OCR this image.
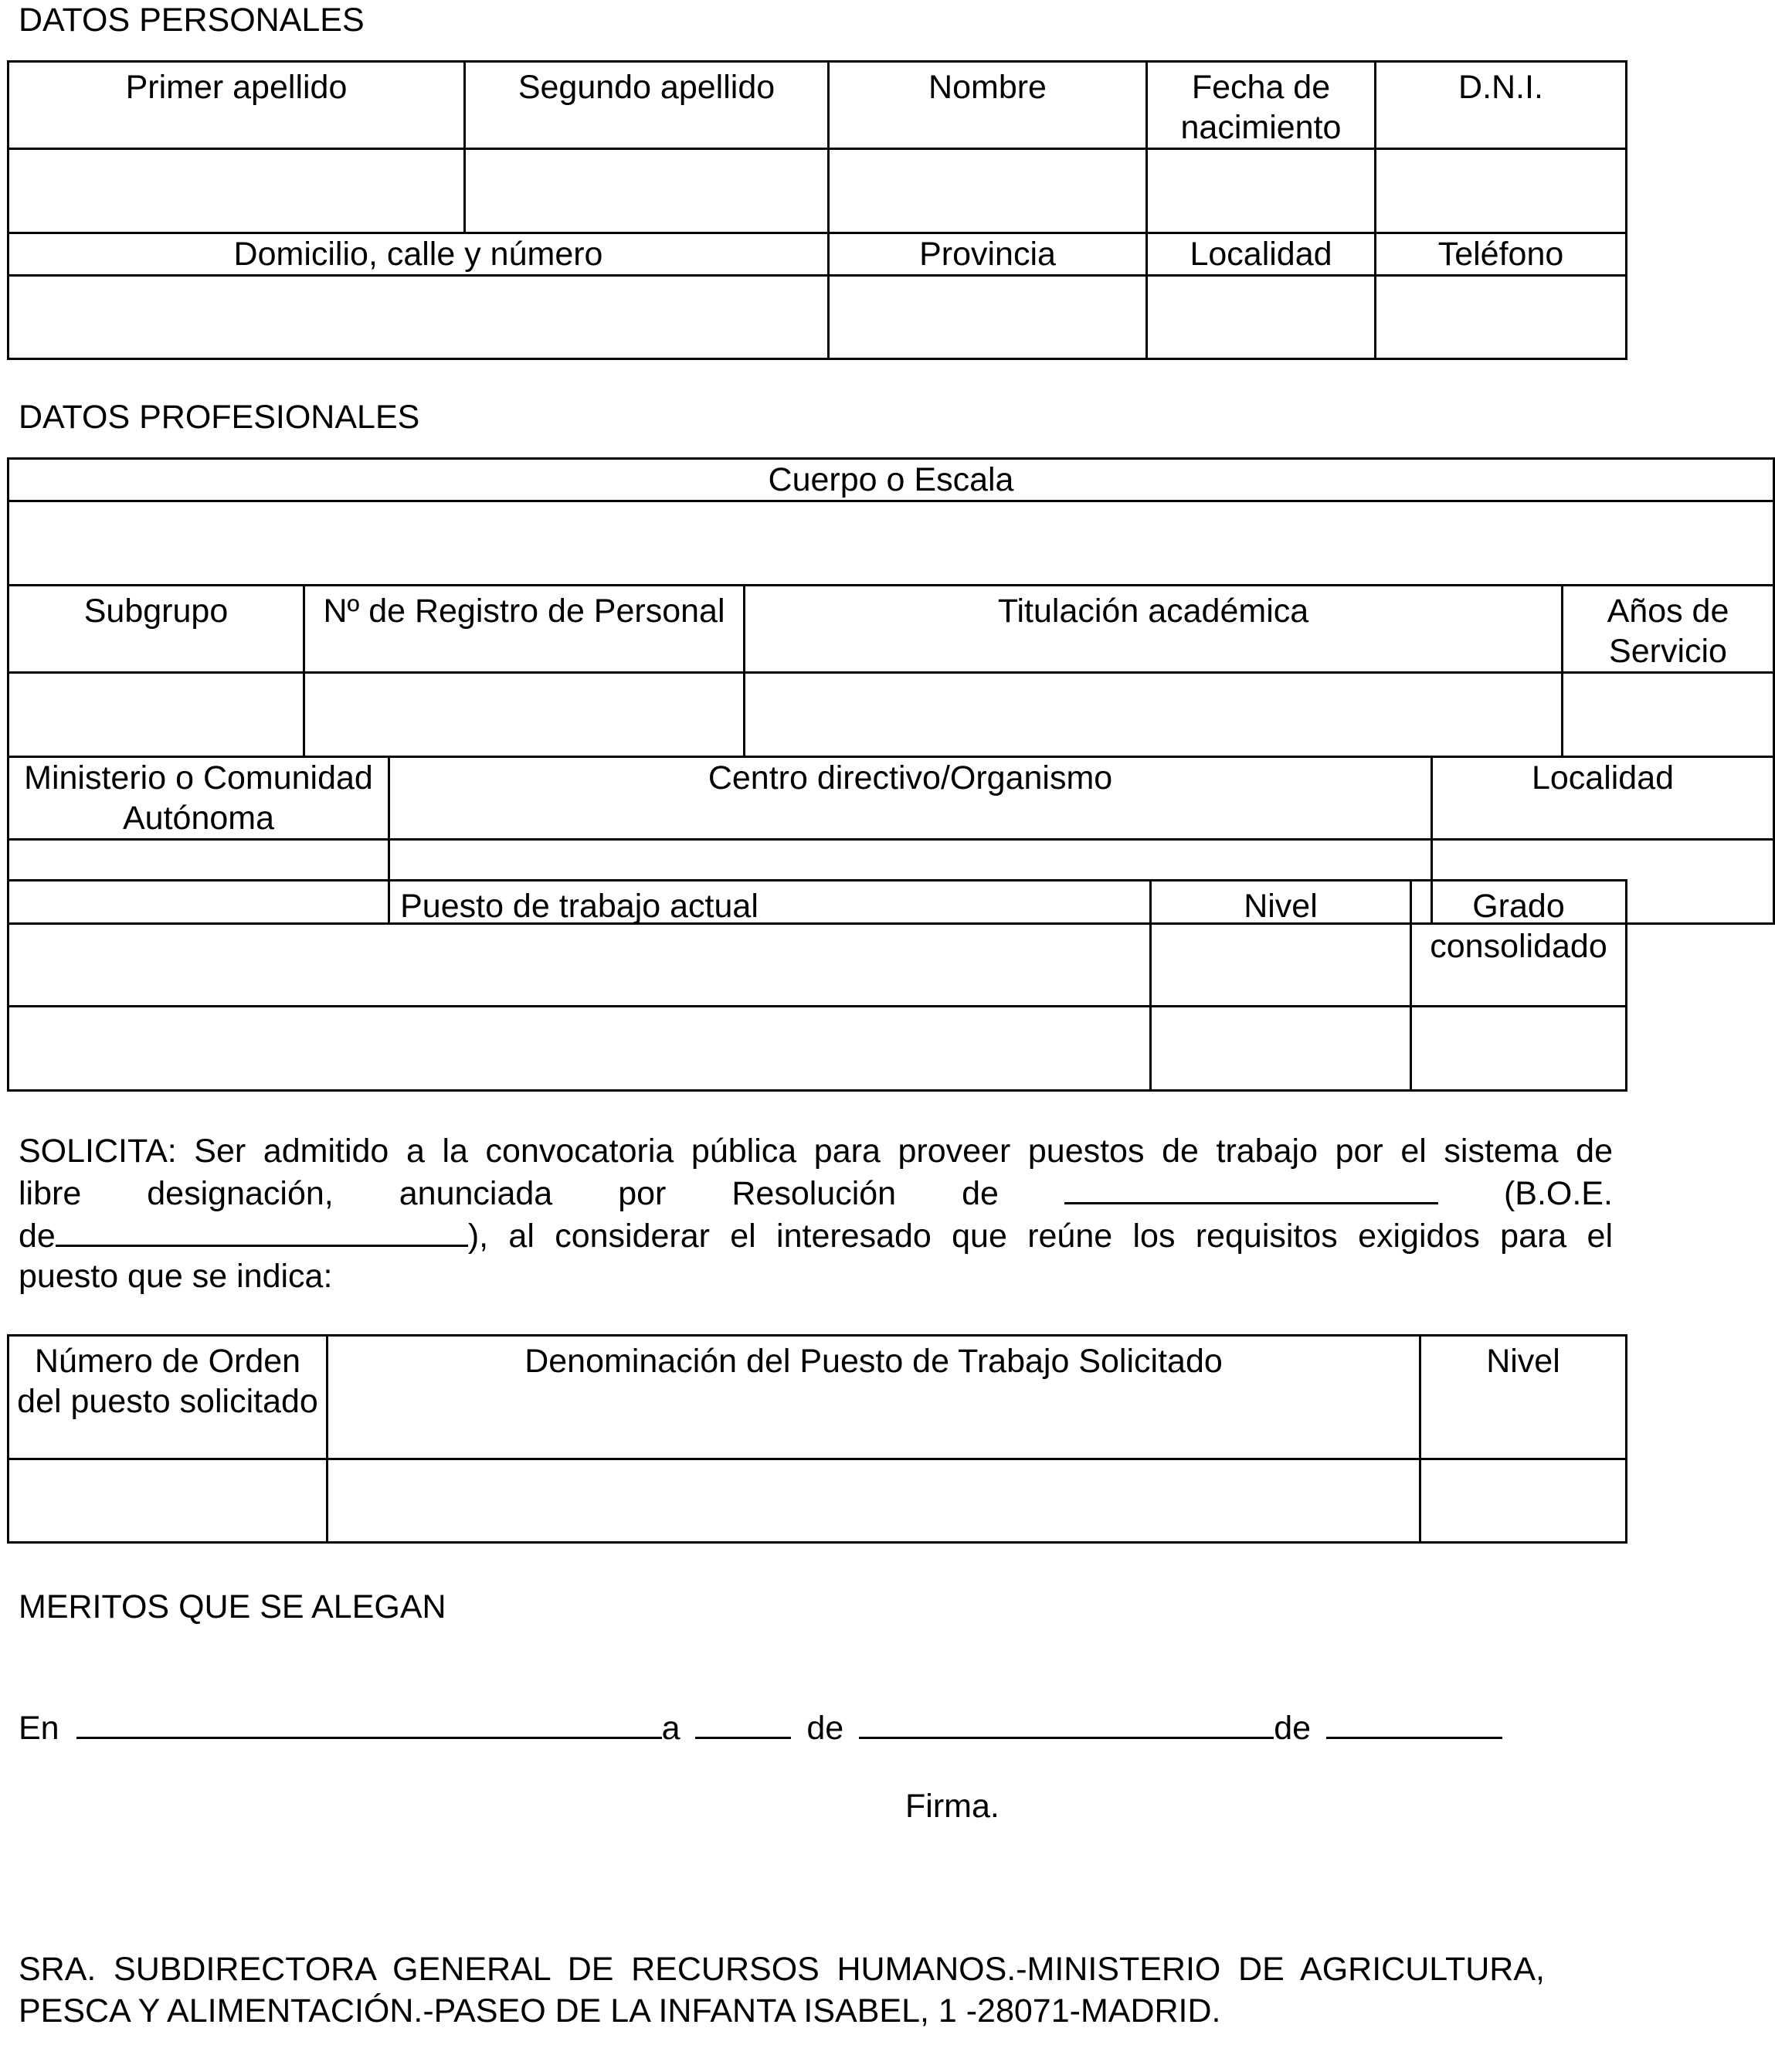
DATOS PERSONALES
Primer apellido	Segundo apellido	Nombre	Fecha de nacimiento	D.N.I.

Domicilio, calle y número		Provincia	Localidad	Teléfono

DATOS PROFESIONALES
Cuerpo o Escala					

Subgrupo	Nº de Registro de Personal		Titulación académica		Años de Servicio

Ministerio o Comunidad Autónoma		Centro directivo/Organismo		Localidad	

Puesto de trabajo actual	Nivel	Grado consolidado

SOLICITA: Ser admitido a la convocatoria pública para proveer puestos de trabajo por el sistema de
libre designación, anunciada por Resolución de	(B.O.E.
de	), al considerar el interesado que reúne los requisitos exigidos para el
puesto que se indica:
Número de Orden del puesto solicitado	Denominación del Puesto de Trabajo Solicitado	Nivel

MERITOS QUE SE ALEGAN
En	a	de	de
Firma.
SRA. SUBDIRECTORA GENERAL DE RECURSOS HUMANOS.-MINISTERIO DE AGRICULTURA, PESCA Y ALIMENTACIÓN.-PASEO DE LA INFANTA ISABEL, 1 -28071-MADRID.
